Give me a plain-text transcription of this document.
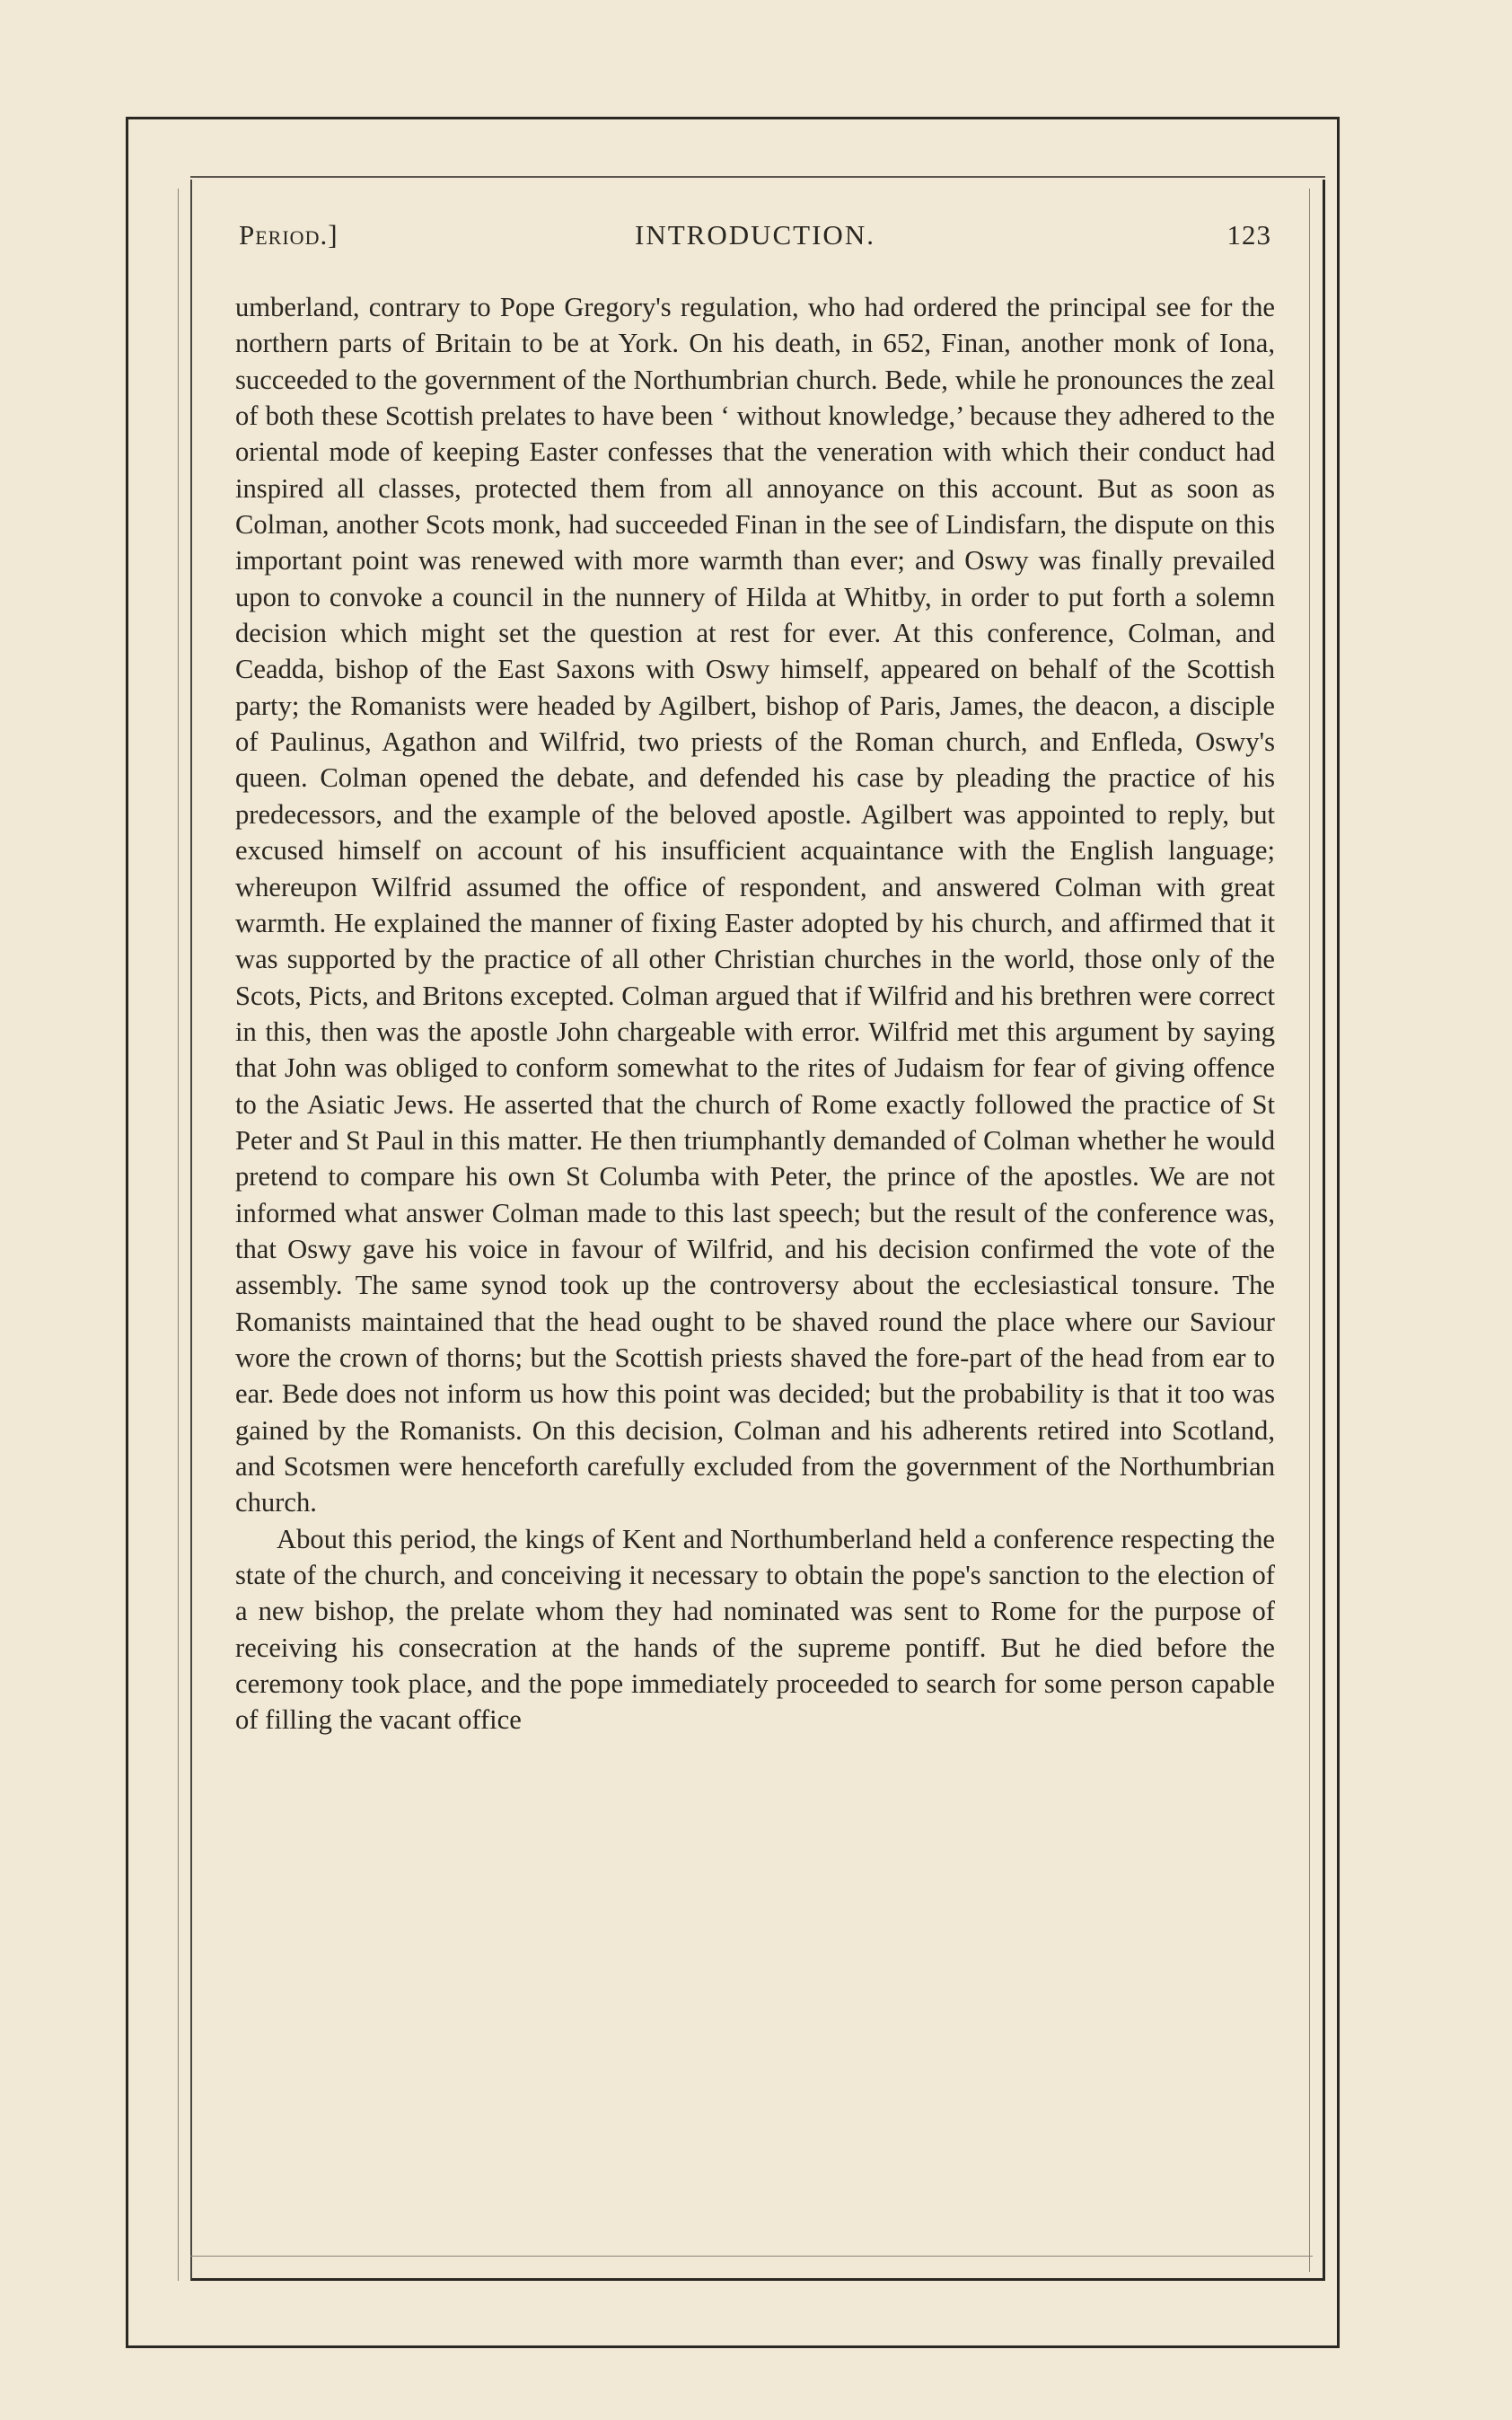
Period.]	INTRODUCTION.	123

umberland, contrary to Pope Gregory's regulation, who had ordered the principal see for the northern parts of Britain to be at York. On his death, in 652, Finan, another monk of Iona, succeeded to the government of the Northumbrian church. Bede, while he pronounces the zeal of both these Scottish prelates to have been ‘ without knowledge,’ because they adhered to the oriental mode of keeping Easter confesses that the veneration with which their conduct had inspired all classes, protected them from all annoyance on this account. But as soon as Colman, another Scots monk, had succeeded Finan in the see of Lindisfarn, the dispute on this important point was renewed with more warmth than ever; and Oswy was finally prevailed upon to convoke a council in the nunnery of Hilda at Whitby, in order to put forth a solemn decision which might set the question at rest for ever. At this conference, Colman, and Ceadda, bishop of the East Saxons with Oswy himself, appeared on behalf of the Scottish party; the Romanists were headed by Agilbert, bishop of Paris, James, the deacon, a disciple of Paulinus, Agathon and Wilfrid, two priests of the Roman church, and Enfleda, Oswy's queen. Colman opened the debate, and defended his case by pleading the practice of his predecessors, and the example of the beloved apostle. Agilbert was appointed to reply, but excused himself on account of his insufficient acquaintance with the English language; whereupon Wilfrid assumed the office of respondent, and answered Colman with great warmth. He explained the manner of fixing Easter adopted by his church, and affirmed that it was supported by the practice of all other Christian churches in the world, those only of the Scots, Picts, and Britons excepted. Colman argued that if Wilfrid and his brethren were correct in this, then was the apostle John chargeable with error. Wilfrid met this argument by saying that John was obliged to conform somewhat to the rites of Judaism for fear of giving offence to the Asiatic Jews. He asserted that the church of Rome exactly followed the practice of St Peter and St Paul in this matter. He then triumphantly demanded of Colman whether he would pretend to compare his own St Columba with Peter, the prince of the apostles. We are not informed what answer Colman made to this last speech; but the result of the conference was, that Oswy gave his voice in favour of Wilfrid, and his decision confirmed the vote of the assembly. The same synod took up the controversy about the ecclesiastical tonsure. The Romanists maintained that the head ought to be shaved round the place where our Saviour wore the crown of thorns; but the Scottish priests shaved the fore-part of the head from ear to ear. Bede does not inform us how this point was decided; but the probability is that it too was gained by the Romanists. On this decision, Colman and his adherents retired into Scotland, and Scotsmen were henceforth carefully excluded from the government of the Northumbrian church.

About this period, the kings of Kent and Northumberland held a conference respecting the state of the church, and conceiving it necessary to obtain the pope's sanction to the election of a new bishop, the prelate whom they had nominated was sent to Rome for the purpose of receiving his consecration at the hands of the supreme pontiff. But he died before the ceremony took place, and the pope immediately proceeded to search for some person capable of filling the vacant office
